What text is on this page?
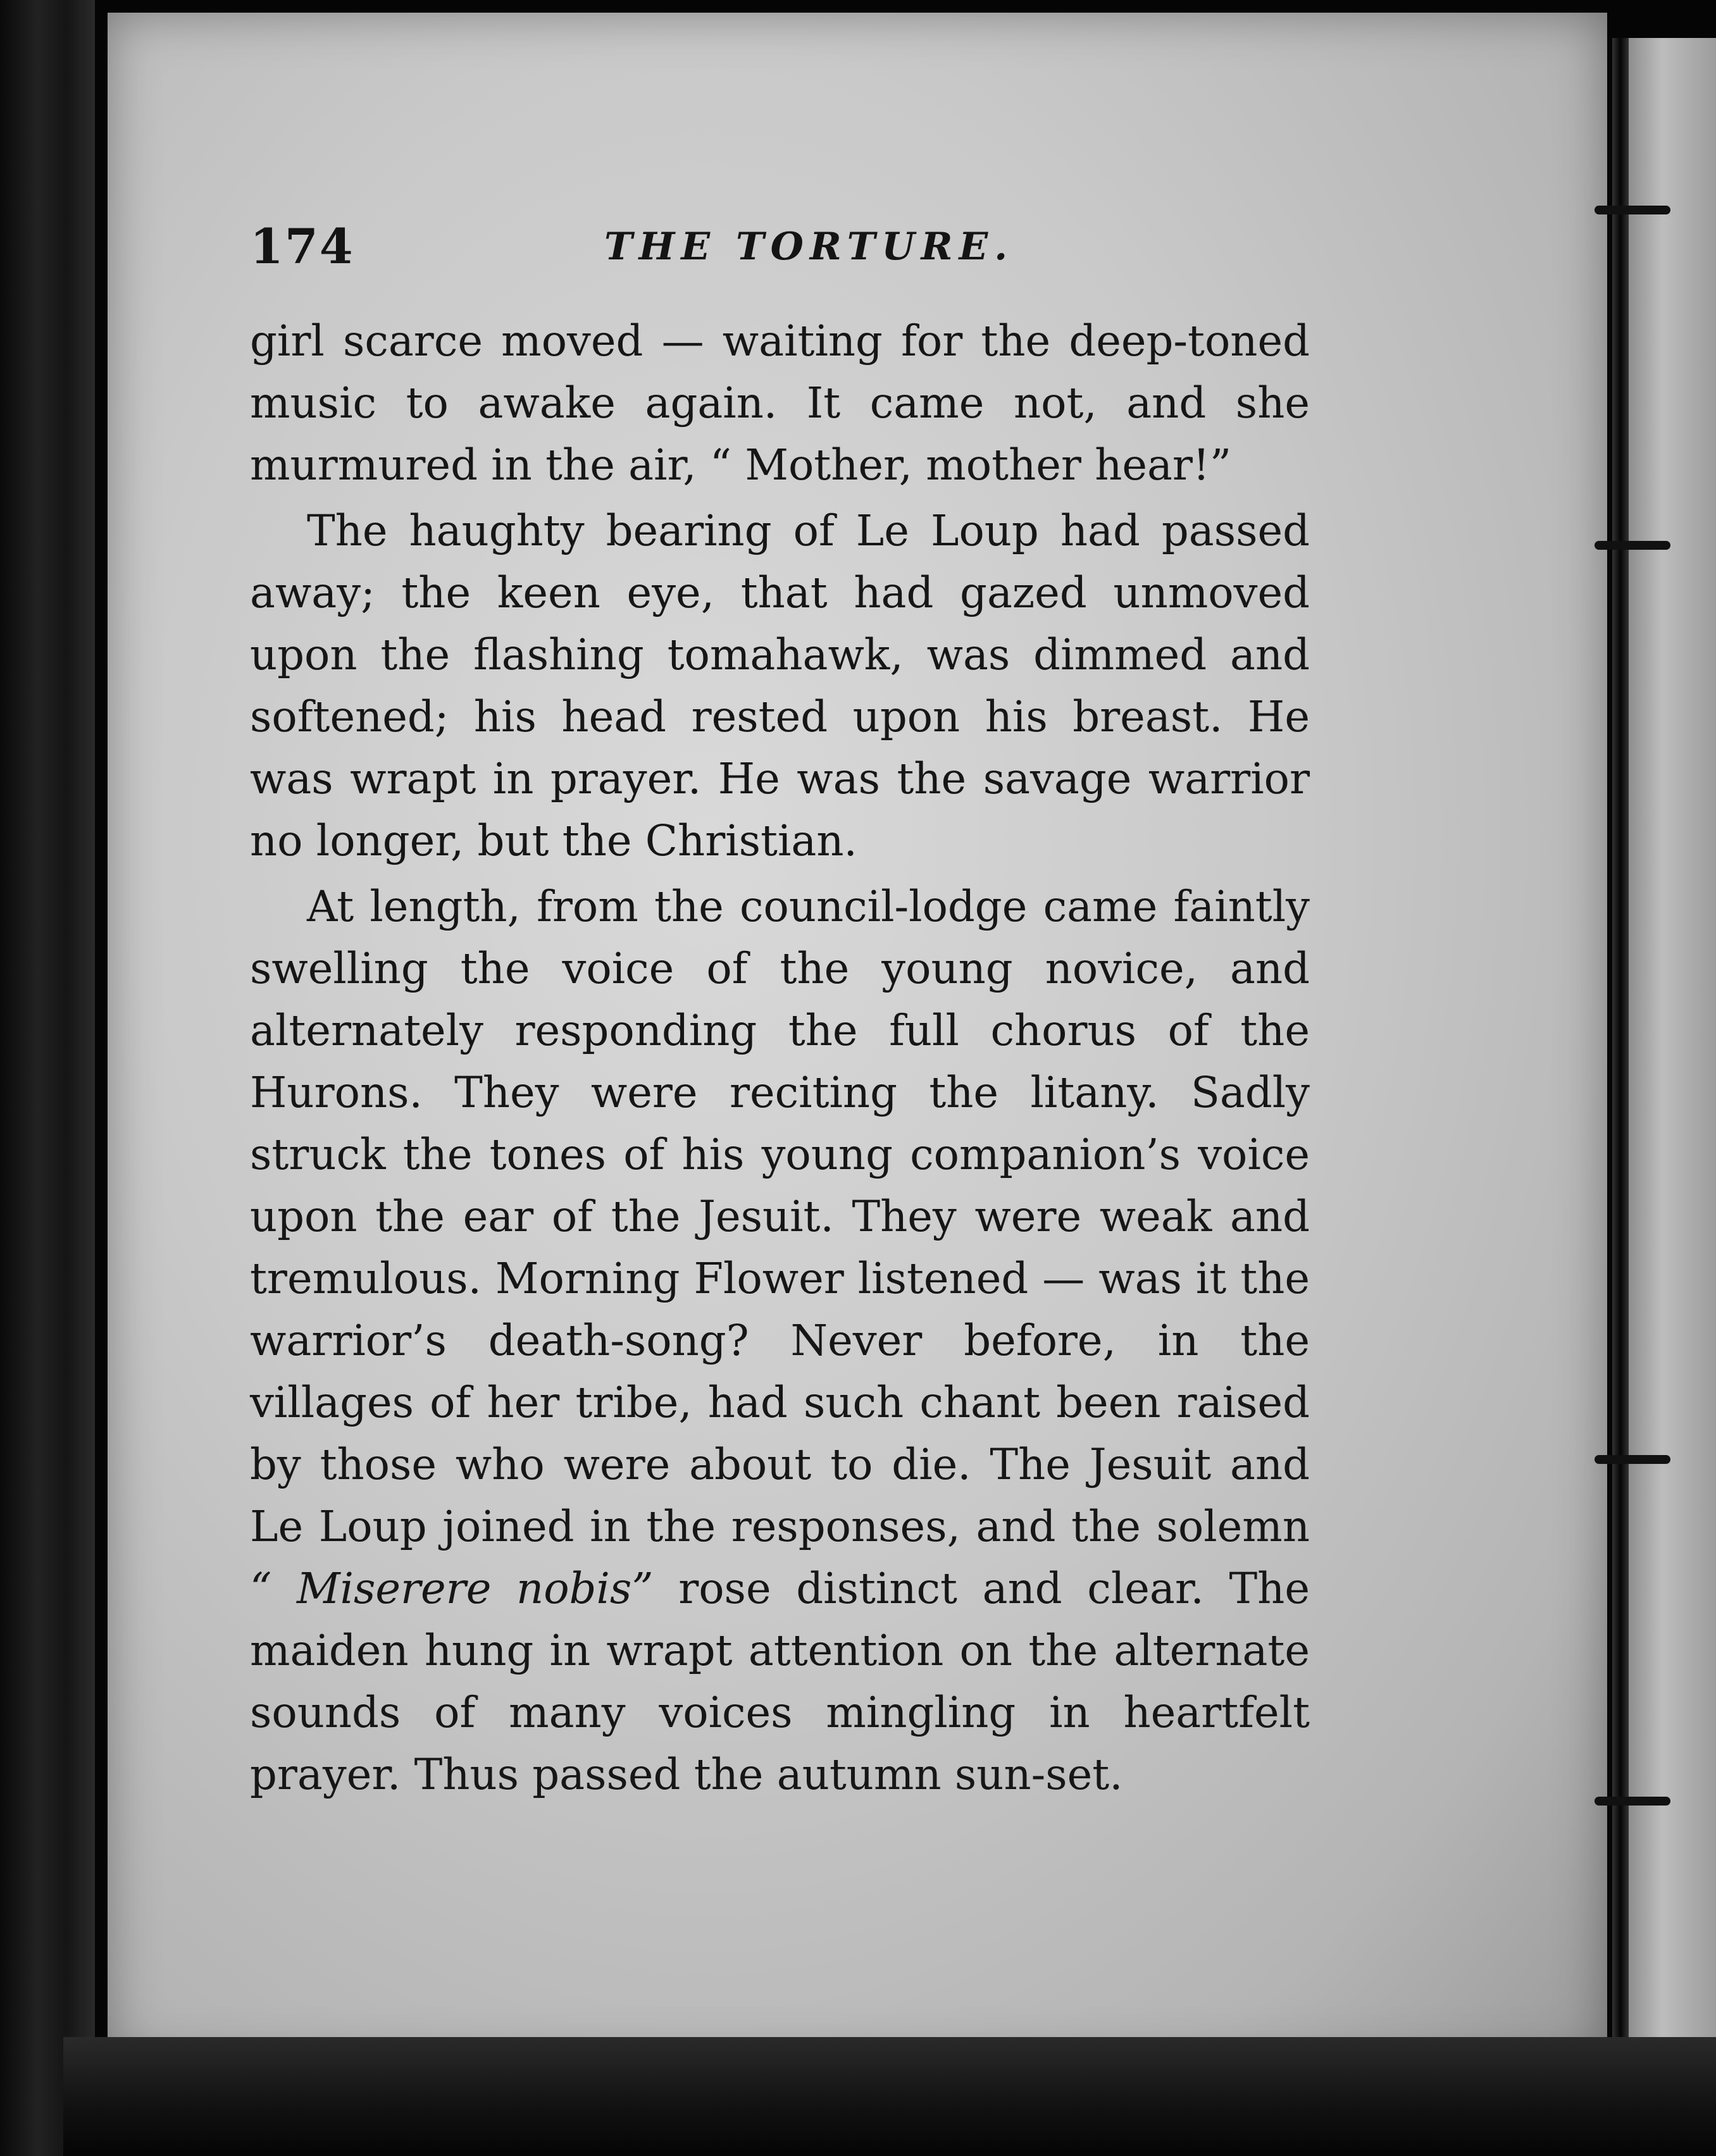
174	THE TORTURE.

girl scarce moved — waiting for the deep-toned music to awake again. It came not, and she murmured in the air, “ Mother, mother hear!”

The haughty bearing of Le Loup had passed away; the keen eye, that had gazed unmoved upon the flashing tomahawk, was dimmed and softened; his head rested upon his breast. He was wrapt in prayer. He was the savage warrior no longer, but the Christian.

At length, from the council-lodge came faintly swelling the voice of the young novice, and alternately responding the full chorus of the Hurons. They were reciting the litany. Sadly struck the tones of his young companion’s voice upon the ear of the Jesuit. They were weak and tremulous. Morning Flower listened — was it the warrior’s death-song? Never before, in the villages of her tribe, had such chant been raised by those who were about to die. The Jesuit and Le Loup joined in the responses, and the solemn “ Miserere nobis” rose distinct and clear. The maiden hung in wrapt attention on the alternate sounds of many voices mingling in heartfelt prayer. Thus passed the autumn sun-set.
